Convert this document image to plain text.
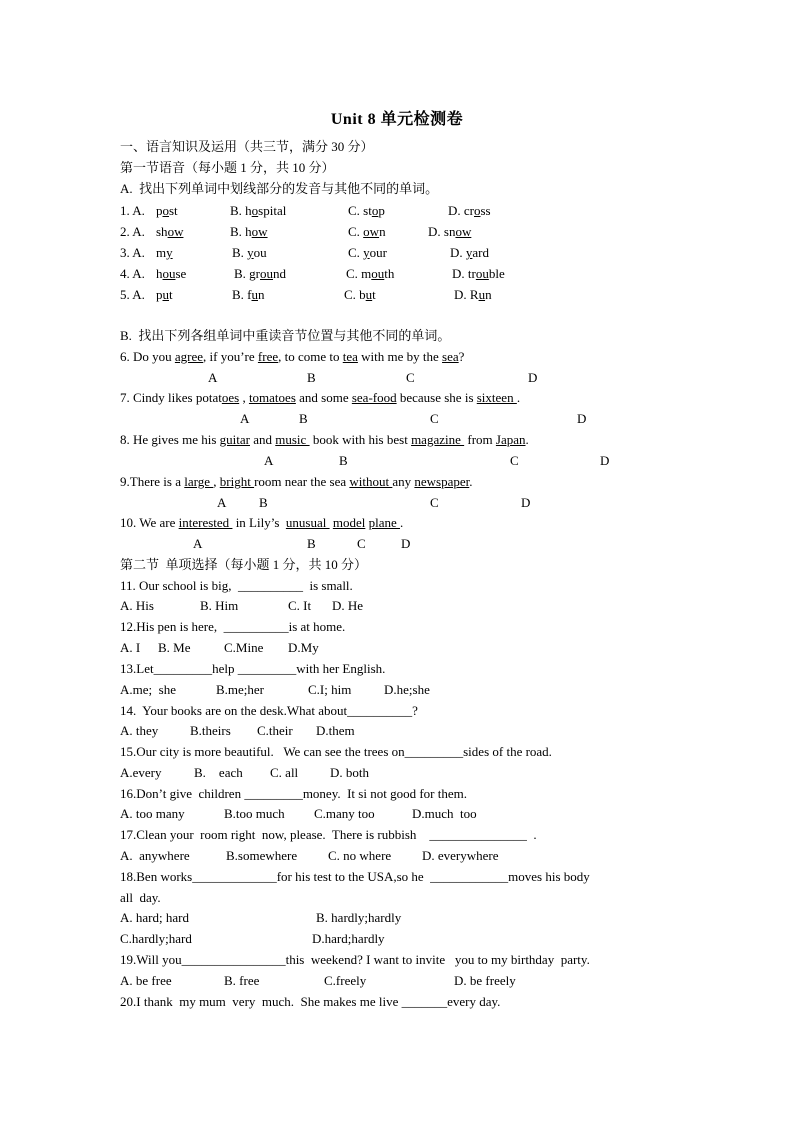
Unit 8 单元检测卷
一、语言知识及运用（共三节，满分 30 分）
第一节语音（每小题 1 分，共 10 分）
A.  找出下列单词中划线部分的发音与其他不同的单词。
1. A. post	B. hospital	C. stop	D. cross
2. A. show	B. how	C. own	D. snow
3. A. my	B. you	C. your	D. yard
4. A. house	B. ground	C. mouth	D. trouble
5. A. put	B. fun	C. but	D. Run
B.  找出下列各组单词中重读音节位置与其他不同的单词。
6. Do you agree, if you’re free, to come to tea with me by the sea?
A	B	C	D
7. Cindy likes potatoes , tomatoes and some sea-food because she is sixteen .
A	B	C	D
8. He gives me his guitar and music  book with his best magazine  from Japan.
A	B	C	D
9.There is a large , bright room near the sea without any newspaper.
A	B	C	D
10. We are interested  in Lily’s  unusual  model plane .
A	B	C	D
第二节  单项选择（每小题 1 分，共 10 分）
11. Our school is big,  __________  is small.
A. His	B. Him	C. It D. He
12.His pen is here,  __________is at home.
A. I B. Me	C.Mine D.My
13.Let_________help _________with her English.
A.me;  she	B.me;her	C.I; him	D.he;she
14.  Your books are on the desk.What about__________?
A. they B.theirs C.their D.them
15.Our city is more beautiful.   We can see the trees on_________sides of the road.
A.every B.    each C. all D. both
16.Don’t give  children _________money.  It si not good for them.
A. too many	B.too much C.many too	D.much  too
17.Clean your  room right  now, please.  There is rubbish    _______________  .
A.  anywhere	B.somewhere C. no where D. everywhere
18.Ben works_____________for his test to the USA,so he  ____________moves his body
all  day.
A. hard; hard	B. hardly;hardly
C.hardly;hard	D.hard;hardly
19.Will you________________this  weekend? I want to invite   you to my birthday  party.
A. be free	B. free	C.freely	D. be freely
20.I thank  my mum  very  much.  She makes me live _______every day.
